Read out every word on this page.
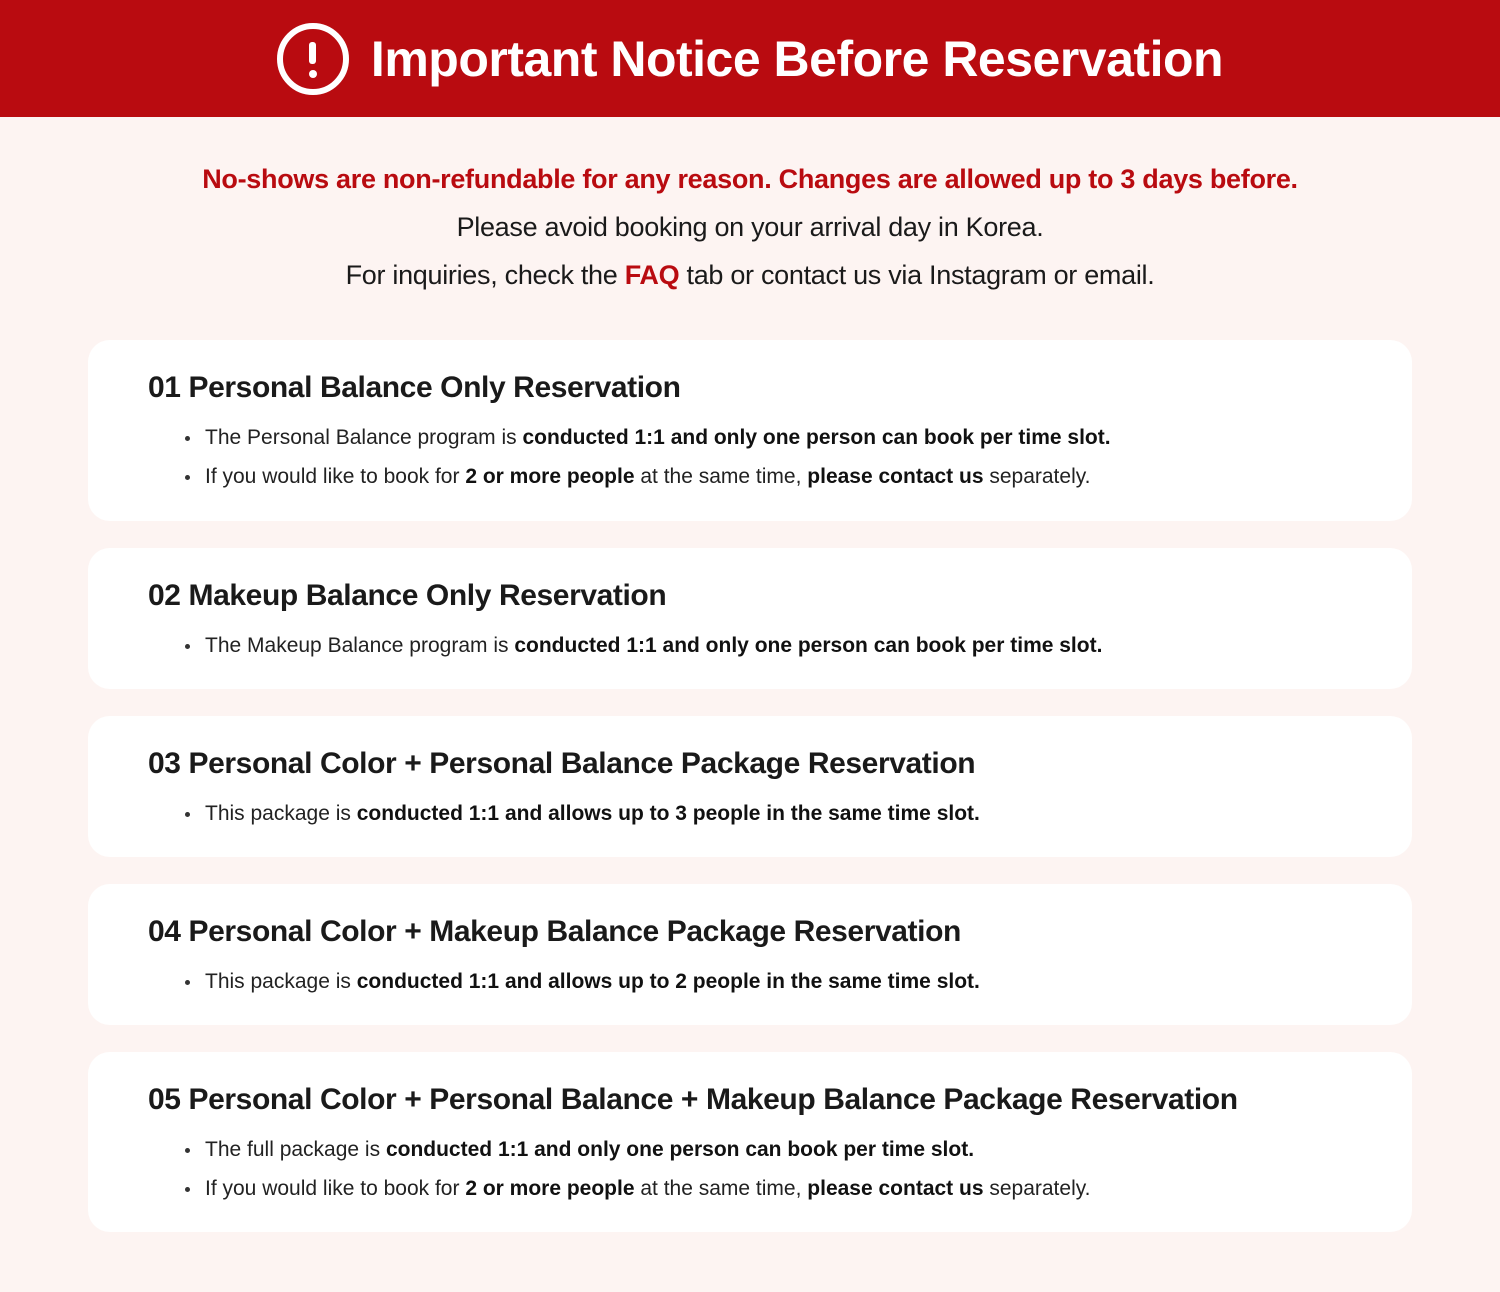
Important Notice Before Reservation

No-shows are non-refundable for any reason. Changes are allowed up to 3 days before.

Please avoid booking on your arrival day in Korea.

For inquiries, check the FAQ tab or contact us via Instagram or email.

01 Personal Balance Only Reservation
The Personal Balance program is conducted 1:1 and only one person can book per time slot.
If you would like to book for 2 or more people at the same time, please contact us separately.
02 Makeup Balance Only Reservation
The Makeup Balance program is conducted 1:1 and only one person can book per time slot.
03 Personal Color + Personal Balance Package Reservation
This package is conducted 1:1 and allows up to 3 people in the same time slot.
04 Personal Color + Makeup Balance Package Reservation
This package is conducted 1:1 and allows up to 2 people in the same time slot.
05 Personal Color + Personal Balance + Makeup Balance Package Reservation
The full package is conducted 1:1 and only one person can book per time slot.
If you would like to book for 2 or more people at the same time, please contact us separately.
